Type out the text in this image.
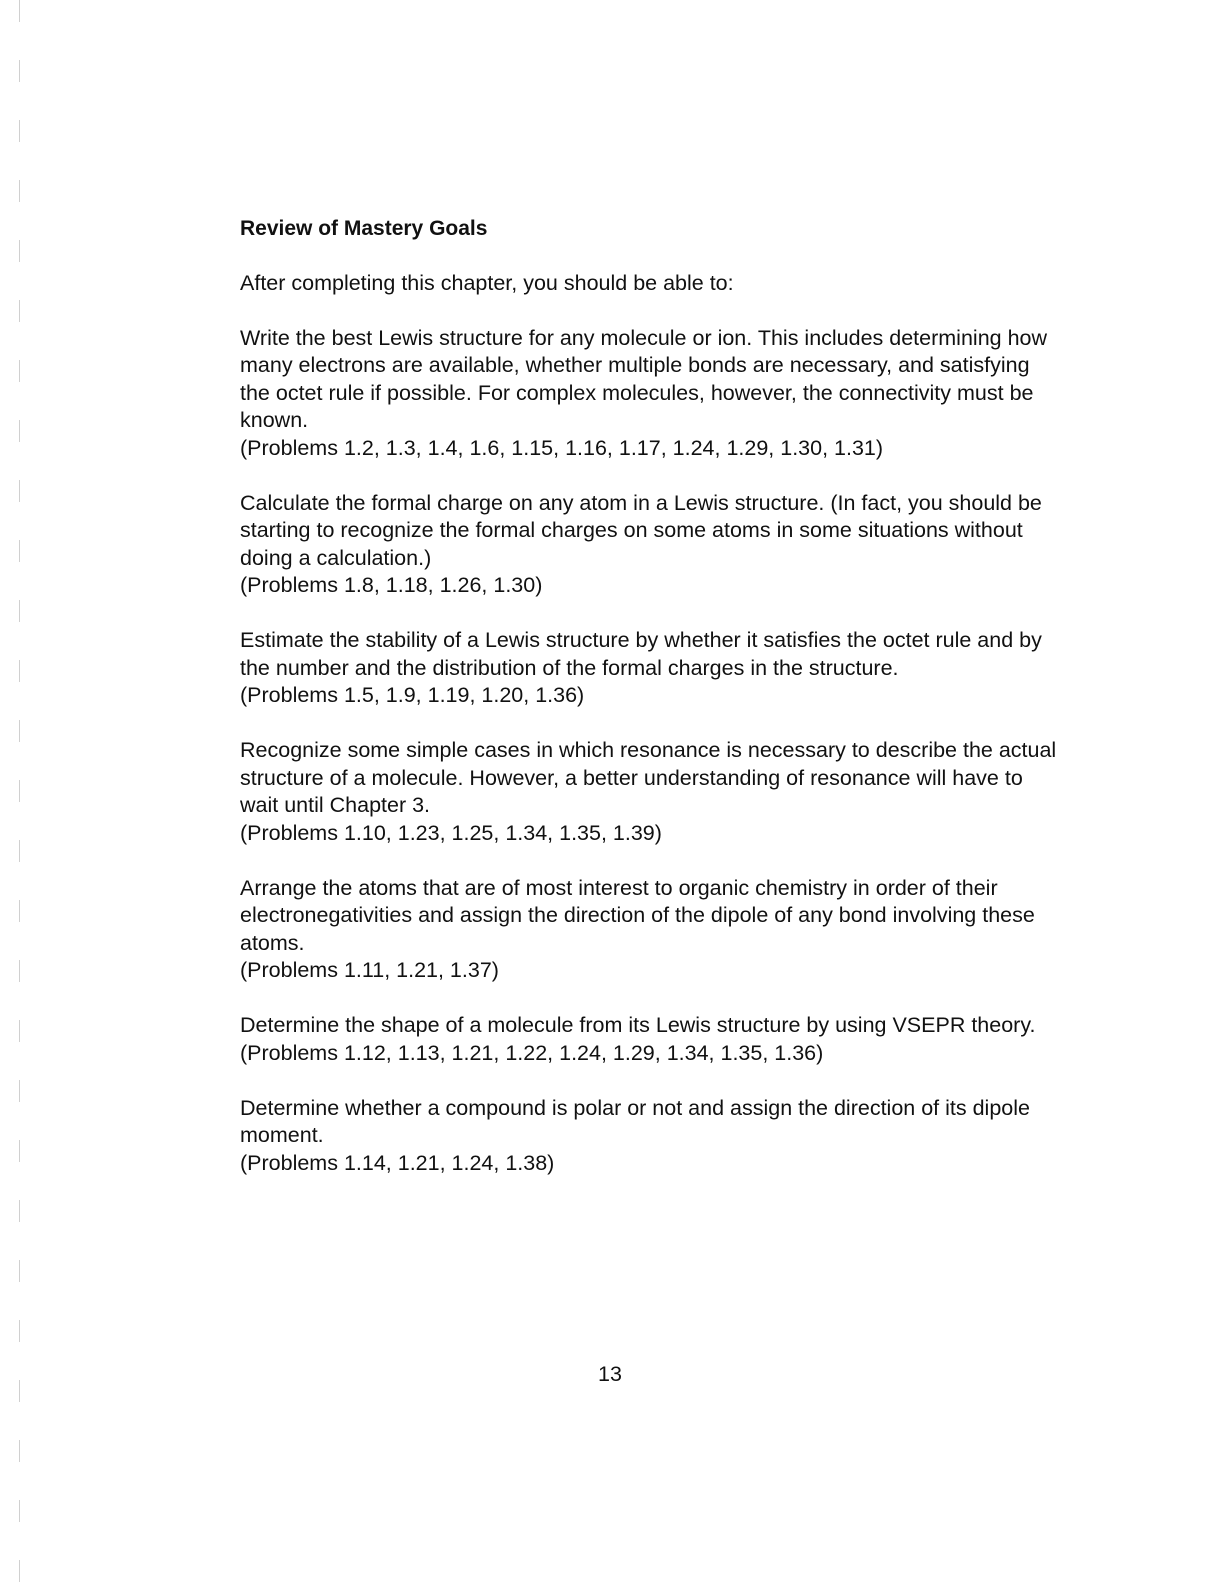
Review of Mastery Goals
After completing this chapter, you should be able to:
Write the best Lewis structure for any molecule or ion. This includes determining how many electrons are available, whether multiple bonds are necessary, and satisfying the octet rule if possible. For complex molecules, however, the connectivity must be known.
(Problems 1.2, 1.3, 1.4, 1.6, 1.15, 1.16, 1.17, 1.24, 1.29, 1.30, 1.31)
Calculate the formal charge on any atom in a Lewis structure. (In fact, you should be starting to recognize the formal charges on some atoms in some situations without doing a calculation.)
(Problems 1.8, 1.18, 1.26, 1.30)
Estimate the stability of a Lewis structure by whether it satisfies the octet rule and by the number and the distribution of the formal charges in the structure.
(Problems 1.5, 1.9, 1.19, 1.20, 1.36)
Recognize some simple cases in which resonance is necessary to describe the actual structure of a molecule. However, a better understanding of resonance will have to wait until Chapter 3.
(Problems 1.10, 1.23, 1.25, 1.34, 1.35, 1.39)
Arrange the atoms that are of most interest to organic chemistry in order of their electronegativities and assign the direction of the dipole of any bond involving these atoms.
(Problems 1.11, 1.21, 1.37)
Determine the shape of a molecule from its Lewis structure by using VSEPR theory.
(Problems 1.12, 1.13, 1.21, 1.22, 1.24, 1.29, 1.34, 1.35, 1.36)
Determine whether a compound is polar or not and assign the direction of its dipole moment.
(Problems 1.14, 1.21, 1.24, 1.38)
13
